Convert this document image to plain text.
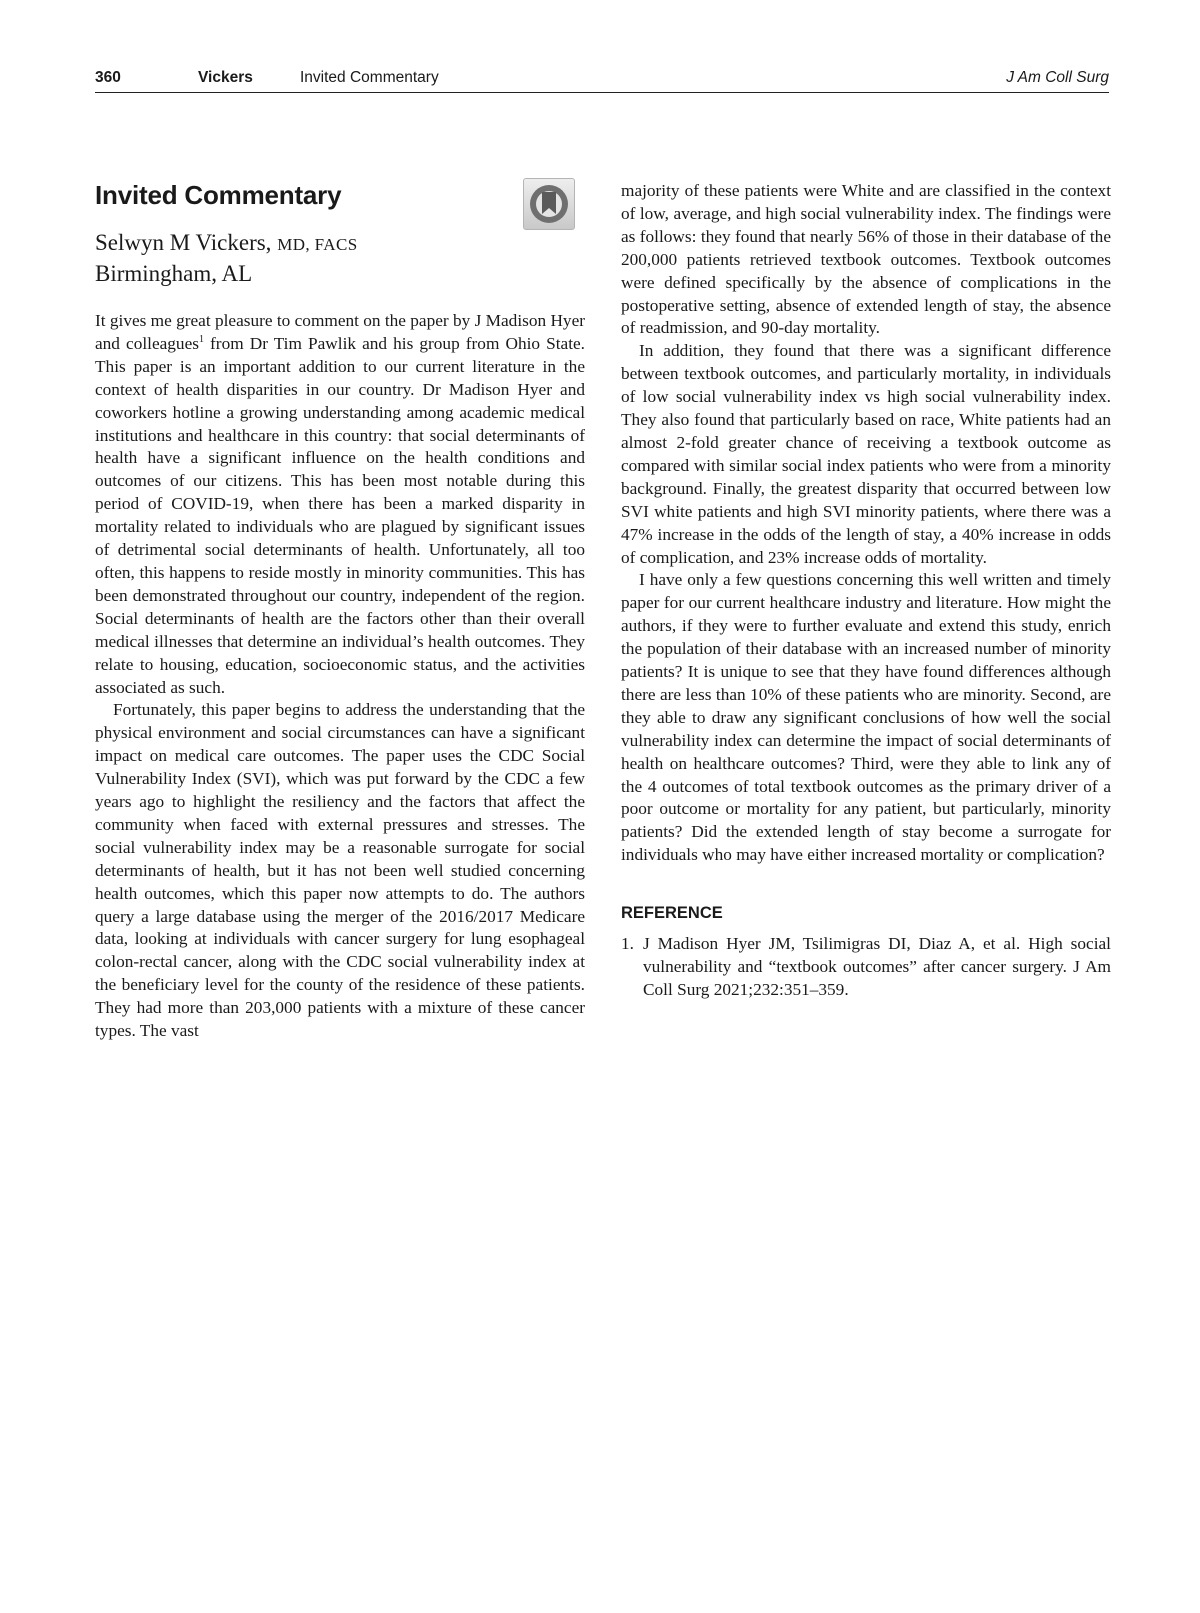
360	Vickers	Invited Commentary	J Am Coll Surg
Invited Commentary
Selwyn M Vickers, MD, FACS
Birmingham, AL

It gives me great pleasure to comment on the paper by J Madison Hyer and colleagues$^1$ from Dr Tim Pawlik and his group from Ohio State. This paper is an important addition to our current literature in the context of health disparities in our country. Dr Madison Hyer and coworkers hotline a growing understanding among academic medical institutions and healthcare in this country: that social determinants of health have a significant influence on the health conditions and outcomes of our citizens. This has been most notable during this period of COVID-19, when there has been a marked disparity in mortality related to individuals who are plagued by significant issues of detrimental social determinants of health. Unfortunately, all too often, this happens to reside mostly in minority communities. This has been demonstrated throughout our country, independent of the region. Social determinants of health are the factors other than their overall medical illnesses that determine an individual’s health outcomes. They relate to housing, education, socioeconomic status, and the activities associated as such.

Fortunately, this paper begins to address the understanding that the physical environment and social circumstances can have a significant impact on medical care outcomes. The paper uses the CDC Social Vulnerability Index (SVI), which was put forward by the CDC a few years ago to highlight the resiliency and the factors that affect the community when faced with external pressures and stresses. The social vulnerability index may be a reasonable surrogate for social determinants of health, but it has not been well studied concerning health outcomes, which this paper now attempts to do. The authors query a large database using the merger of the 2016/2017 Medicare data, looking at individuals with cancer surgery for lung esophageal colon-rectal cancer, along with the CDC social vulnerability index at the beneficiary level for the county of the residence of these patients. They had more than 203,000 patients with a mixture of these cancer types. The vast

majority of these patients were White and are classified in the context of low, average, and high social vulnerability index. The findings were as follows: they found that nearly 56% of those in their database of the 200,000 patients retrieved textbook outcomes. Textbook outcomes were defined specifically by the absence of complications in the postoperative setting, absence of extended length of stay, the absence of readmission, and 90-day mortality.

In addition, they found that there was a significant difference between textbook outcomes, and particularly mortality, in individuals of low social vulnerability index vs high social vulnerability index. They also found that particularly based on race, White patients had an almost 2-fold greater chance of receiving a textbook outcome as compared with similar social index patients who were from a minority background. Finally, the greatest disparity that occurred between low SVI white patients and high SVI minority patients, where there was a 47% increase in the odds of the length of stay, a 40% increase in odds of complication, and 23% increase odds of mortality.

I have only a few questions concerning this well written and timely paper for our current healthcare industry and literature. How might the authors, if they were to further evaluate and extend this study, enrich the population of their database with an increased number of minority patients? It is unique to see that they have found differences although there are less than 10% of these patients who are minority. Second, are they able to draw any significant conclusions of how well the social vulnerability index can determine the impact of social determinants of health on healthcare outcomes? Third, were they able to link any of the 4 outcomes of total textbook outcomes as the primary driver of a poor outcome or mortality for any patient, but particularly, minority patients? Did the extended length of stay become a surrogate for individuals who may have either increased mortality or complication?

REFERENCE

1. J Madison Hyer JM, Tsilimigras DI, Diaz A, et al. High social vulnerability and “textbook outcomes” after cancer surgery. J Am Coll Surg 2021;232:351–359.
